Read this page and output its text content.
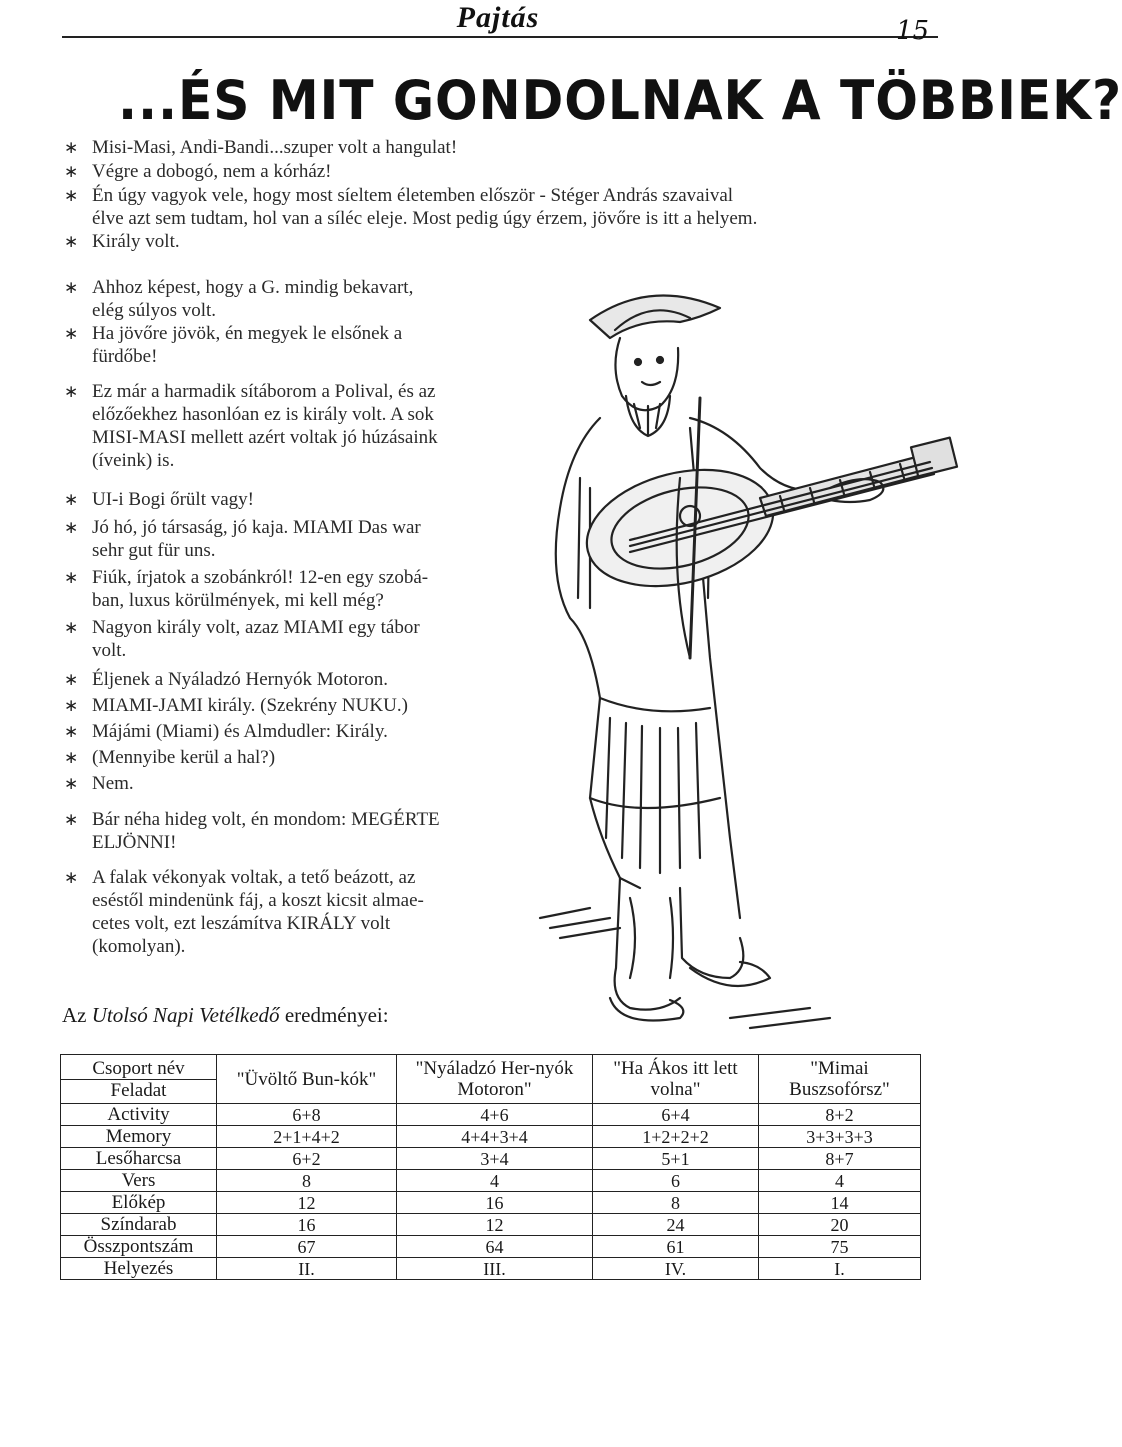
Pajtás	15
...ÉS MIT GONDOLNAK A TÖBBIEK?
∗ Misi-Masi, Andi-Bandi...szuper volt a hangulat!
∗ Végre a dobogó, nem a kórház!
∗ Én úgy vagyok vele, hogy most síeltem életemben először - Stéger András szavaival
élve azt sem tudtam, hol van a síléc eleje. Most pedig úgy érzem, jövőre is itt a helyem.
∗ Király volt.
∗ Ahhoz képest, hogy a G. mindig bekavart,
elég súlyos volt.
∗ Ha jövőre jövök, én megyek le elsőnek a
fürdőbe!
∗ Ez már a harmadik sítáborom a Polival, és az
előzőekhez hasonlóan ez is király volt. A sok
MISI-MASI mellett azért voltak jó húzásaink
(íveink) is.
∗ UI-i Bogi őrült vagy!
∗ Jó hó, jó társaság, jó kaja. MIAMI Das war
sehr gut für uns.
∗ Fiúk, írjatok a szobánkról! 12-en egy szobá-
ban, luxus körülmények, mi kell még?
∗ Nagyon király volt, azaz MIAMI egy tábor
volt.
∗ Éljenek a Nyáladzó Hernyók Motoron.
∗ MIAMI-JAMI király. (Szekrény NUKU.)
∗ Májámi (Miami) és Almdudler: Király.
∗ (Mennyibe kerül a hal?)
∗ Nem.
∗ Bár néha hideg volt, én mondom: MEGÉRTE
ELJÖNNI!
∗ A falak vékonyak voltak, a tető beázott, az
eséstől mindenünk fáj, a koszt kicsit almae-
cetes volt, ezt leszámítva KIRÁLY volt
(komolyan).
Az Utolsó Napi Vetélkedő eredményei:
Csoport név
Feladat	"Üvöltő Bun-kók"	"Nyáladzó Her-nyók Motoron"	"Ha Ákos itt lett volna"	"Mimai Buszsofórsz"
Activity	6+8	4+6	6+4	8+2
Memory	2+1+4+2	4+4+3+4	1+2+2+2	3+3+3+3
Lesőharcsa	6+2	3+4	5+1	8+7
Vers	8	4	6	4
Előkép	12	16	8	14
Színdarab	16	12	24	20
Összpontszám	67	64	61	75
Helyezés	II.	III.	IV.	I.
